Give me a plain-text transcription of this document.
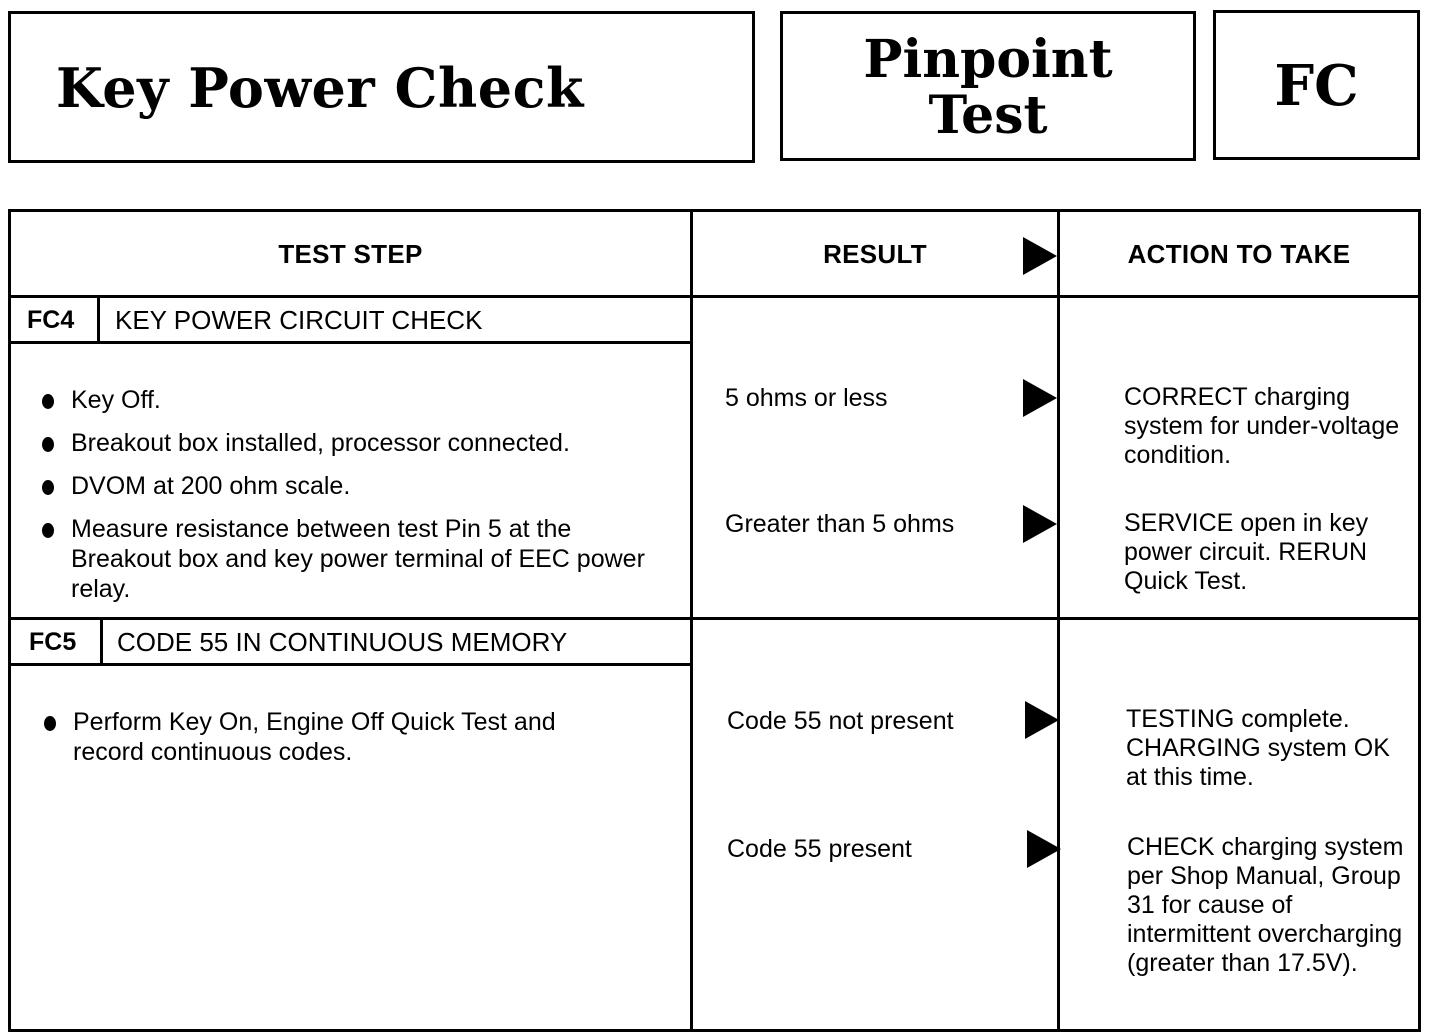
Key Power Check	Pinpoint
Test	FC
TEST STEP	RESULT	ACTION TO TAKE
FC4 KEY POWER CIRCUIT CHECK
Key Off.
Breakout box installed, processor connected.
DVOM at 200 ohm scale.
Measure resistance between test Pin 5 at the Breakout box and key power terminal of EEC power relay.
5 ohms or less	CORRECT charging system for under-voltage condition.
Greater than 5 ohms	SERVICE open in key power circuit. RERUN Quick Test.
FC5 CODE 55 IN CONTINUOUS MEMORY
Perform Key On, Engine Off Quick Test and record continuous codes.
Code 55 not present	TESTING complete. CHARGING system OK at this time.
Code 55 present	CHECK charging system per Shop Manual, Group 31 for cause of intermittent overcharging (greater than 17.5V).
